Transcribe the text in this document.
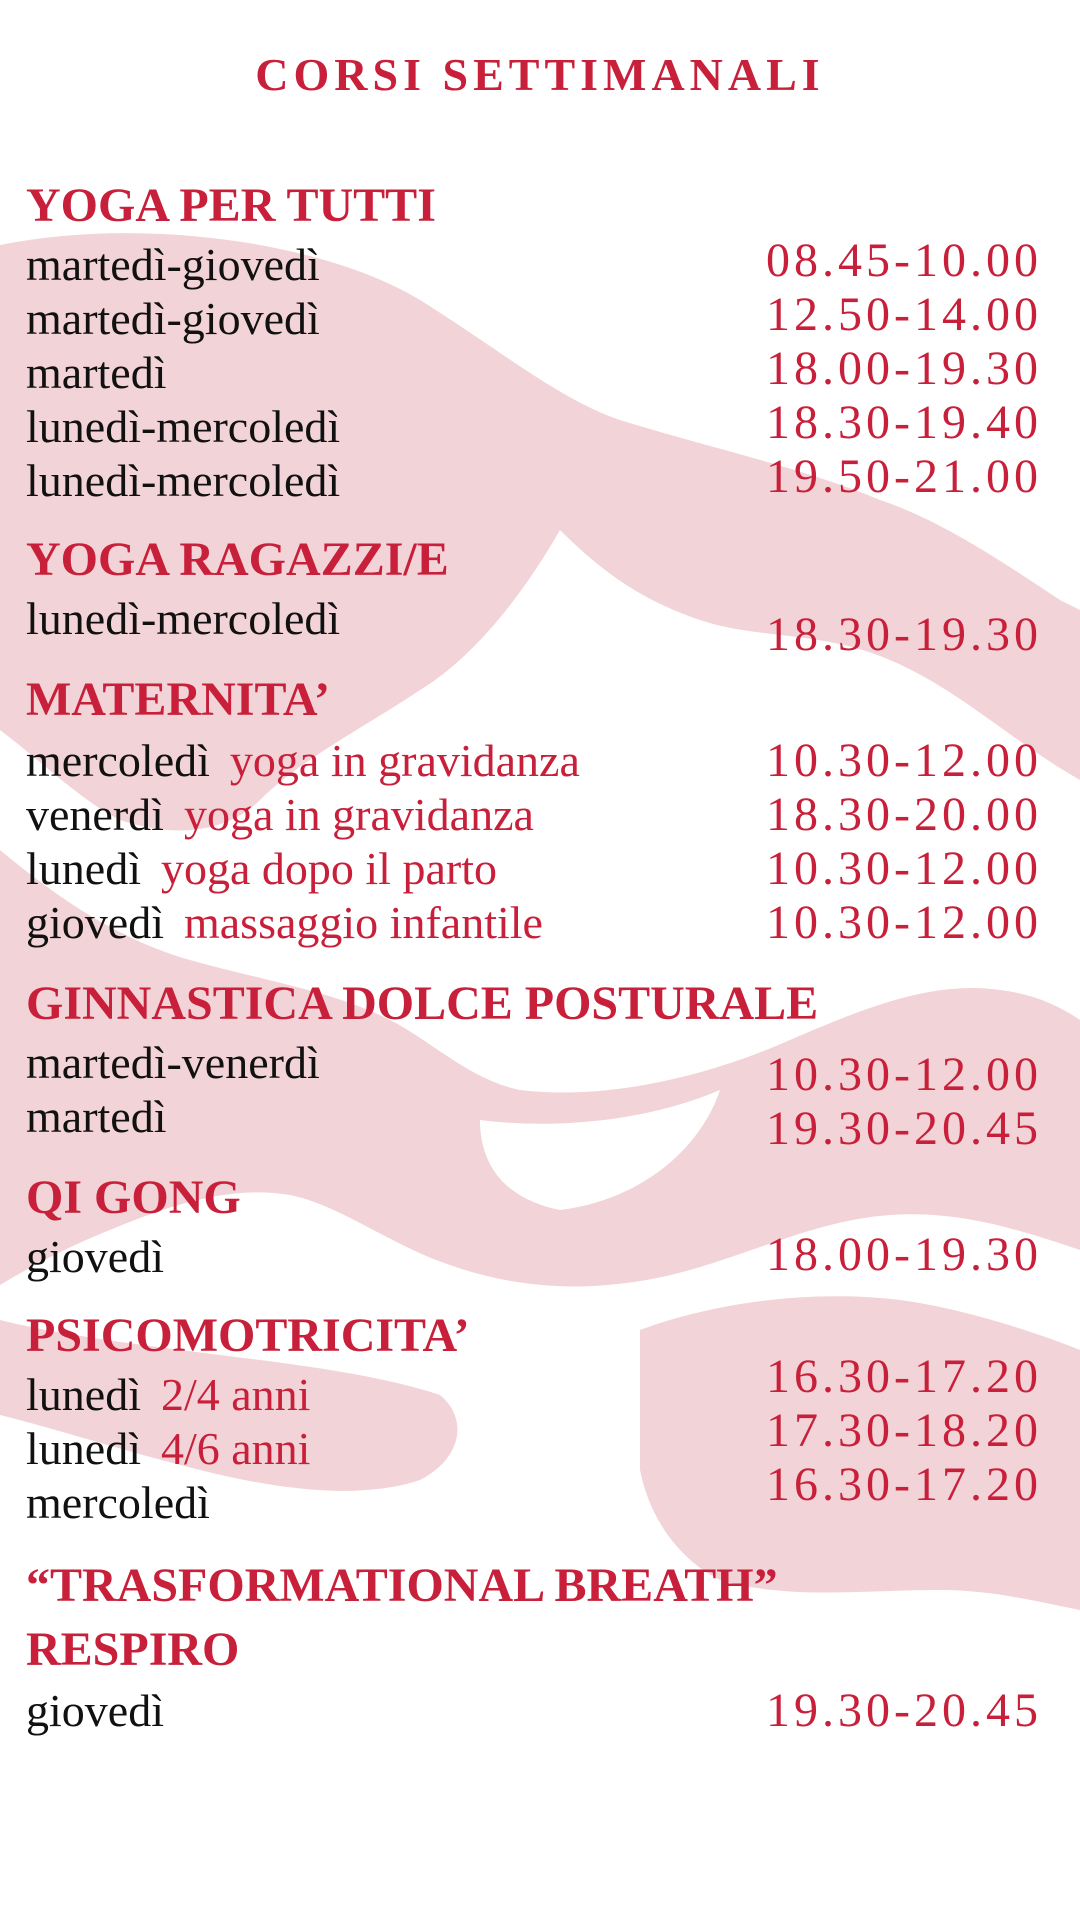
CORSI SETTIMANALI
YOGA PER TUTTI
martedì-giovedì	08.45-10.00
martedì-giovedì	12.50-14.00
martedì	18.00-19.30
lunedì-mercoledì	18.30-19.40
lunedì-mercoledì	19.50-21.00
YOGA RAGAZZI/E
lunedì-mercoledì	18.30-19.30
MATERNITA’
mercoledì yoga in gravidanza	10.30-12.00
venerdì yoga in gravidanza	18.30-20.00
lunedì yoga dopo il parto	10.30-12.00
giovedì massaggio infantile	10.30-12.00
GINNASTICA DOLCE POSTURALE
martedì-venerdì	10.30-12.00
martedì	19.30-20.45
QI GONG
giovedì	18.00-19.30
PSICOMOTRICITA’
lunedì 2/4 anni	16.30-17.20
lunedì 4/6 anni	17.30-18.20
mercoledì	16.30-17.20
“TRASFORMATIONAL BREATH”
RESPIRO
giovedì	19.30-20.45
